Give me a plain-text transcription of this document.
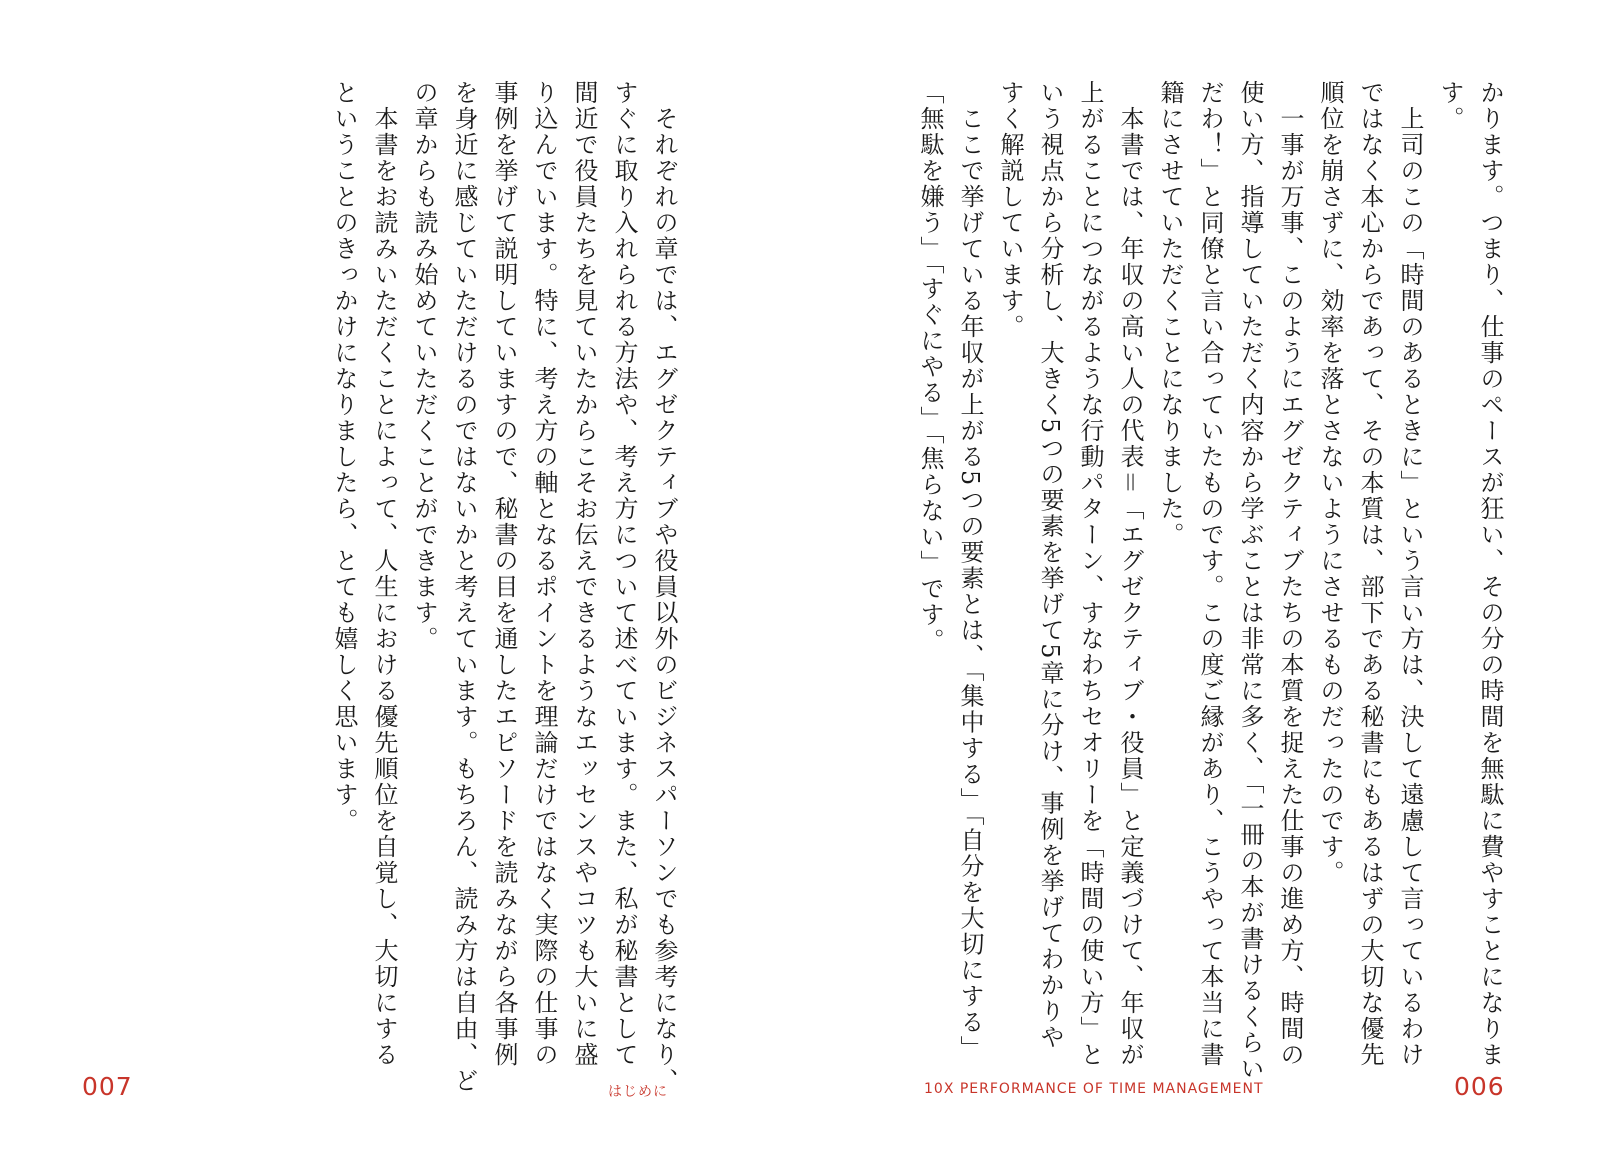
かります。つまり、仕事のペースが狂い、その分の時間を無駄に費やすことになりま
す。
　上司のこの「時間のあるときに」という言い方は、決して遠慮して言っているわけ
ではなく本心からであって、その本質は、部下である秘書にもあるはずの大切な優先
順位を崩さずに、効率を落とさないようにさせるものだったのです。
　一事が万事、このようにエグゼクティブたちの本質を捉えた仕事の進め方、時間の
使い方、指導していただく内容から学ぶことは非常に多く、「一冊の本が書けるくらい
だわ！」と同僚と言い合っていたものです。この度ご縁があり、こうやって本当に書
籍にさせていただくことになりました。
　本書では、年収の高い人の代表＝「エグゼクティブ・役員」と定義づけて、年収が
上がることにつながるような行動パターン、すなわちセオリーを「時間の使い方」と
いう視点から分析し、大きく5つの要素を挙げて5章に分け、事例を挙げてわかりや
すく解説しています。
　ここで挙げている年収が上がる5つの要素とは、「集中する」「自分を大切にする」
「無駄を嫌う」「すぐにやる」「焦らない」です。
10X PERFORMANCE OF TIME MANAGEMENT	006
　それぞれの章では、エグゼクティブや役員以外のビジネスパーソンでも参考になり、
すぐに取り入れられる方法や、考え方について述べています。また、私が秘書として
間近で役員たちを見ていたからこそお伝えできるようなエッセンスやコツも大いに盛
り込んでいます。特に、考え方の軸となるポイントを理論だけではなく実際の仕事の
事例を挙げて説明していますので、秘書の目を通したエピソードを読みながら各事例
を身近に感じていただけるのではないかと考えています。もちろん、読み方は自由、ど
の章からも読み始めていただくことができます。
　本書をお読みいただくことによって、人生における優先順位を自覚し、大切にする
ということのきっかけになりましたら、とても嬉しく思います。
007	はじめに
